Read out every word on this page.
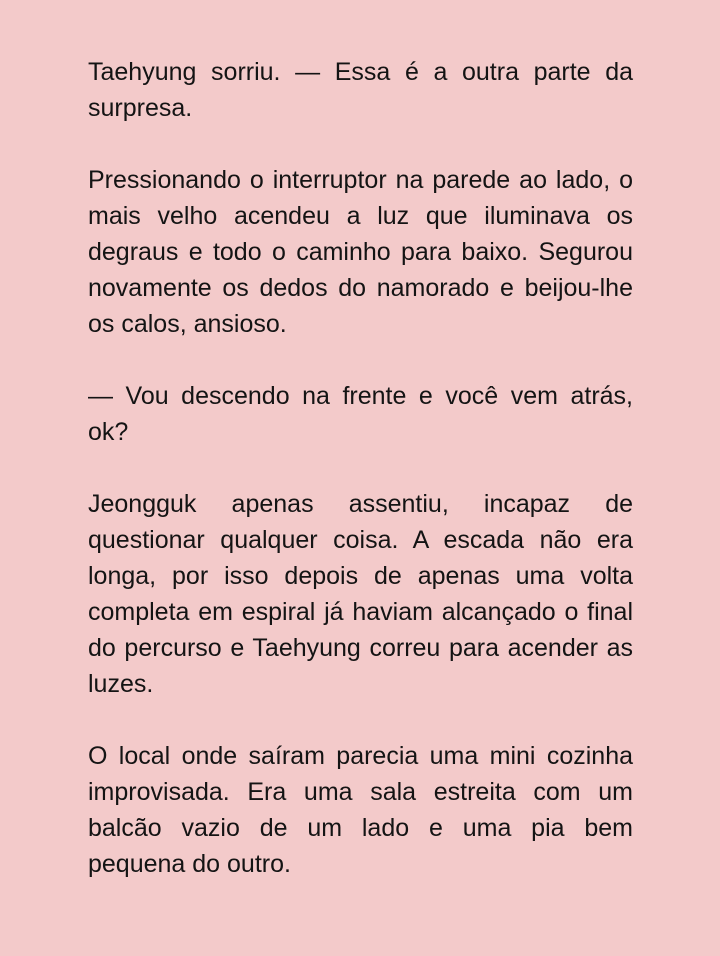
Taehyung sorriu. — Essa é a outra parte da surpresa.

Pressionando o interruptor na parede ao lado, o mais velho acendeu a luz que iluminava os degraus e todo o caminho para baixo. Segurou novamente os dedos do namorado e beijou-lhe os calos, ansioso.

— Vou descendo na frente e você vem atrás, ok?

Jeongguk apenas assentiu, incapaz de questionar qualquer coisa. A escada não era longa, por isso depois de apenas uma volta completa em espiral já haviam alcançado o final do percurso e Taehyung correu para acender as luzes.

O local onde saíram parecia uma mini cozinha improvisada. Era uma sala estreita com um balcão vazio de um lado e uma pia bem pequena do outro.
